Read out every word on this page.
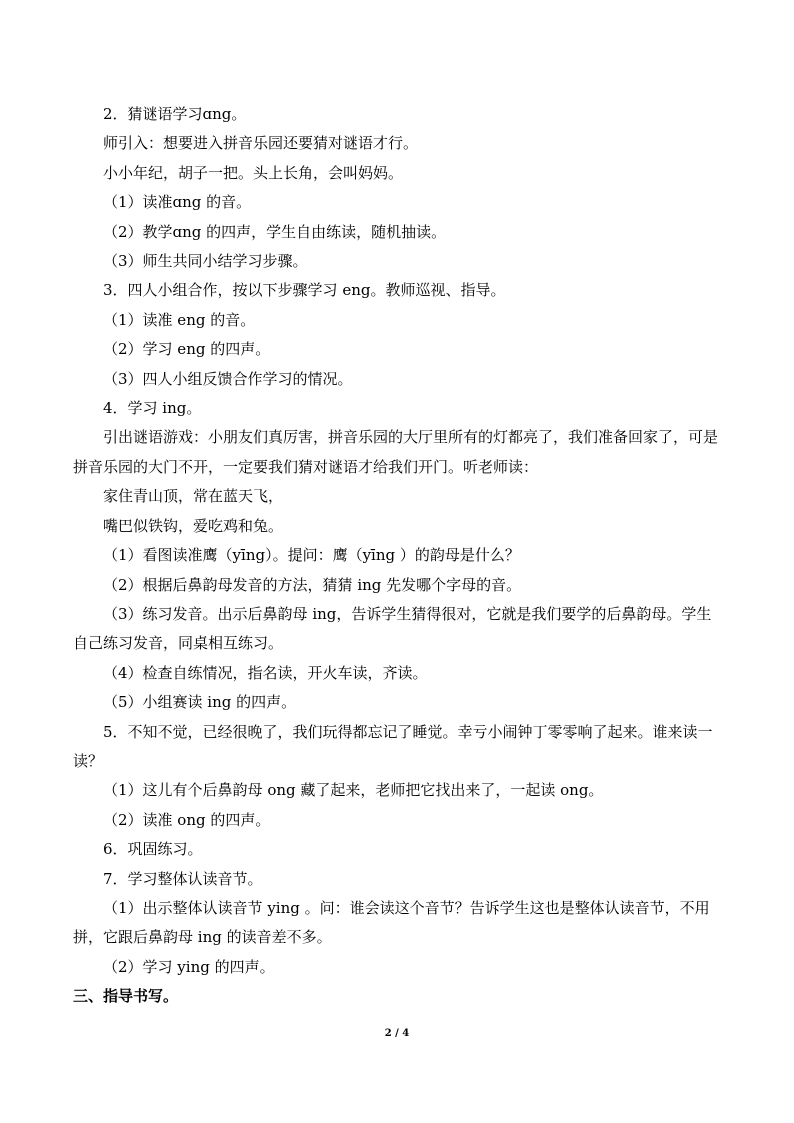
2．猜谜语学习ɑng。

师引入：想要进入拼音乐园还要猜对谜语才行。

小小年纪，胡子一把。头上长角，会叫妈妈。

（1）读准ɑng 的音。

（2）教学ɑng 的四声，学生自由练读，随机抽读。

（3）师生共同小结学习步骤。

3．四人小组合作，按以下步骤学习 eng。教师巡视、指导。

（1）读准 eng 的音。

（2）学习 eng 的四声。

（3）四人小组反馈合作学习的情况。

4．学习 ing。

引出谜语游戏：小朋友们真厉害，拼音乐园的大厅里所有的灯都亮了，我们准备回家了，可是拼音乐园的大门不开，一定要我们猜对谜语才给我们开门。听老师读：

家住青山顶，常在蓝天飞，

嘴巴似铁钩，爱吃鸡和兔。

（1）看图读准鹰（yīng）。提问：鹰（yīng ）的韵母是什么？

（2）根据后鼻韵母发音的方法，猜猜 ing 先发哪个字母的音。

（3）练习发音。出示后鼻韵母 ing，告诉学生猜得很对，它就是我们要学的后鼻韵母。学生自己练习发音，同桌相互练习。

（4）检查自练情况，指名读，开火车读，齐读。

（5）小组赛读 ing 的四声。

5．不知不觉，已经很晚了，我们玩得都忘记了睡觉。幸亏小闹钟丁零零响了起来。谁来读一读？

（1）这儿有个后鼻韵母 ong 藏了起来，老师把它找出来了，一起读 ong。

（2）读准 ong 的四声。

6．巩固练习。

7．学习整体认读音节。

（1）出示整体认读音节 ying 。问：谁会读这个音节？告诉学生这也是整体认读音节，不用拼，它跟后鼻韵母 ing 的读音差不多。

（2）学习 ying 的四声。

三、指导书写。

2 / 4
